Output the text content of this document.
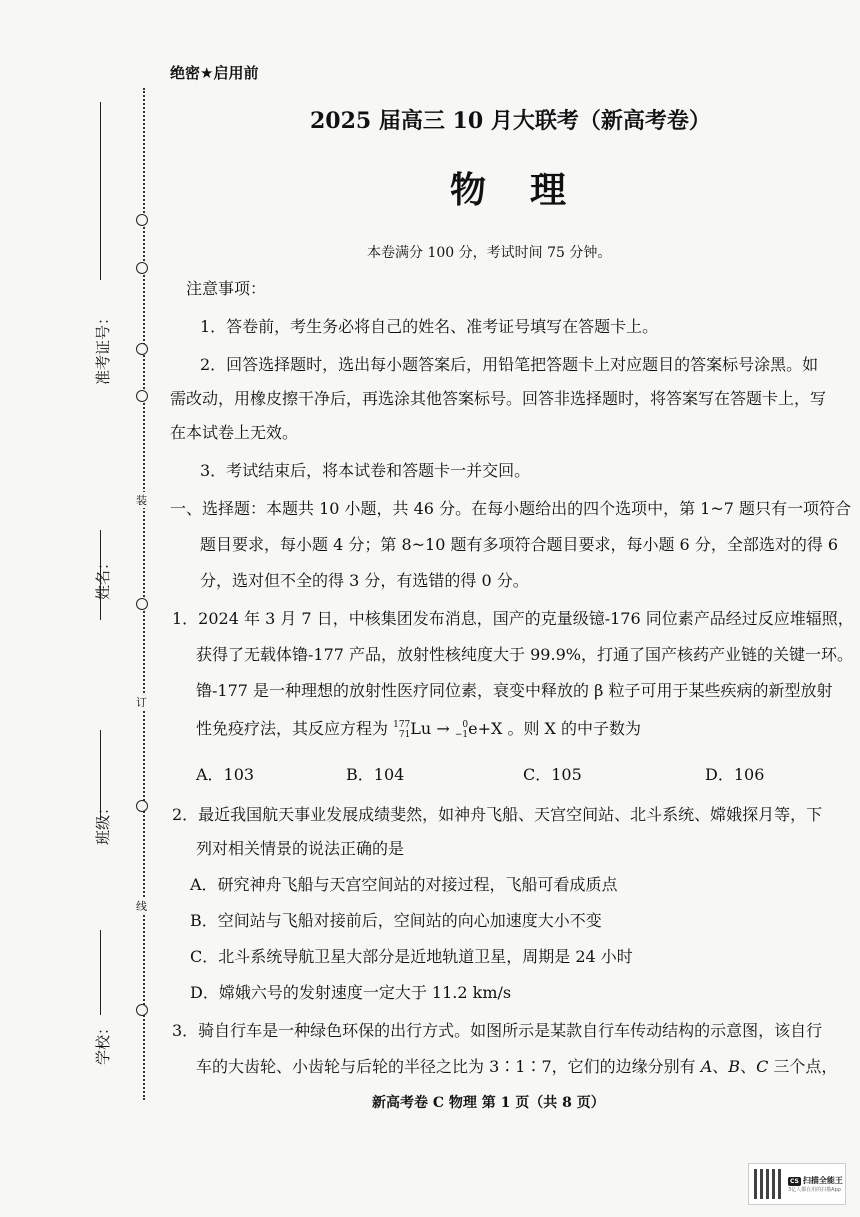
装
订
线
准考证号：
姓名：
班级：
学校：
绝密★启用前
2025 届高三 10 月大联考（新高考卷）
物　理
本卷满分 100 分，考试时间 75 分钟。
注意事项：
1．答卷前，考生务必将自己的姓名、准考证号填写在答题卡上。
2．回答选择题时，选出每小题答案后，用铅笔把答题卡上对应题目的答案标号涂黑。如
需改动，用橡皮擦干净后，再选涂其他答案标号。回答非选择题时，将答案写在答题卡上，写
在本试卷上无效。
3．考试结束后，将本试卷和答题卡一并交回。
一、选择题：本题共 10 小题，共 46 分。在每小题给出的四个选项中，第 1~7 题只有一项符合
题目要求，每小题 4 分；第 8~10 题有多项符合题目要求，每小题 6 分，全部选对的得 6
分，选对但不全的得 3 分，有选错的得 0 分。
1．2024 年 3 月 7 日，中核集团发布消息，国产的克量级镱-176 同位素产品经过反应堆辐照，
获得了无载体镥-177 产品，放射性核纯度大于 99.9%，打通了国产核药产业链的关键一环。
镥-177 是一种理想的放射性医疗同位素，衰变中释放的 β 粒子可用于某些疾病的新型放射
性免疫疗法，其反应方程为 177
71 Lu →	0
−1 e+X 。则 X 的中子数为
A．103	B．104	C．105	D．106
2．最近我国航天事业发展成绩斐然，如神舟飞船、天宫空间站、北斗系统、嫦娥探月等，下
列对相关情景的说法正确的是
A．研究神舟飞船与天宫空间站的对接过程，飞船可看成质点
B．空间站与飞船对接前后，空间站的向心加速度大小不变
C．北斗系统导航卫星大部分是近地轨道卫星，周期是 24 小时
D．嫦娥六号的发射速度一定大于 11.2 km/s
3．骑自行车是一种绿色环保的出行方式。如图所示是某款自行车传动结构的示意图，该自行
车的大齿轮、小齿轮与后轮的半径之比为 3∶1∶7，它们的边缘分别有 A、B、C 三个点，
新高考卷 C 物理 第 1 页（共 8 页）
CS 扫描全能王
3亿人都在用的扫描App
